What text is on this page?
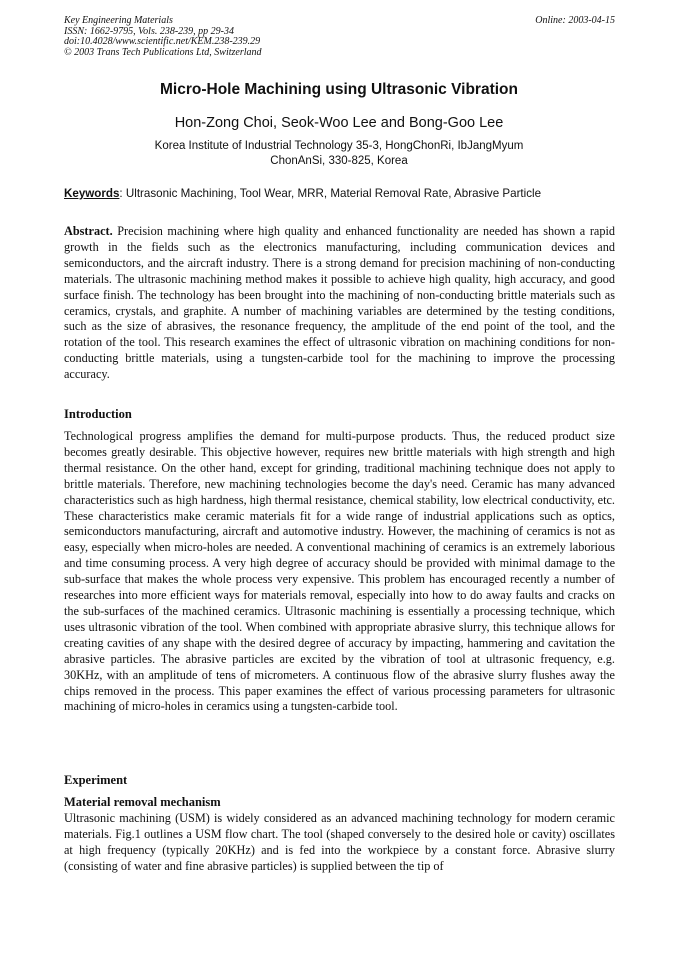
Key Engineering Materials
ISSN: 1662-9795, Vols. 238-239, pp 29-34
doi:10.4028/www.scientific.net/KEM.238-239.29
© 2003 Trans Tech Publications Ltd, Switzerland
Online: 2003-04-15
Micro-Hole Machining using Ultrasonic Vibration
Hon-Zong Choi, Seok-Woo Lee and Bong-Goo Lee
Korea Institute of Industrial Technology 35-3, HongChonRi, IbJangMyum
ChonAnSi, 330-825, Korea
Keywords: Ultrasonic Machining, Tool Wear, MRR, Material Removal Rate, Abrasive Particle
Abstract. Precision machining where high quality and enhanced functionality are needed has shown a rapid growth in the fields such as the electronics manufacturing, including communication devices and semiconductors, and the aircraft industry. There is a strong demand for precision machining of non-conducting materials. The ultrasonic machining method makes it possible to achieve high quality, high accuracy, and good surface finish. The technology has been brought into the machining of non-conducting brittle materials such as ceramics, crystals, and graphite. A number of machining variables are determined by the testing conditions, such as the size of abrasives, the resonance frequency, the amplitude of the end point of the tool, and the rotation of the tool. This research examines the effect of ultrasonic vibration on machining conditions for non-conducting brittle materials, using a tungsten-carbide tool for the machining to improve the processing accuracy.
Introduction
Technological progress amplifies the demand for multi-purpose products. Thus, the reduced product size becomes greatly desirable. This objective however, requires new brittle materials with high strength and high thermal resistance. On the other hand, except for grinding, traditional machining technique does not apply to brittle materials. Therefore, new machining technologies become the day's need. Ceramic has many advanced characteristics such as high hardness, high thermal resistance, chemical stability, low electrical conductivity, etc. These characteristics make ceramic materials fit for a wide range of industrial applications such as optics, semiconductors manufacturing, aircraft and automotive industry. However, the machining of ceramics is not as easy, especially when micro-holes are needed. A conventional machining of ceramics is an extremely laborious and time consuming process. A very high degree of accuracy should be provided with minimal damage to the sub-surface that makes the whole process very expensive. This problem has encouraged recently a number of researches into more efficient ways for materials removal, especially into how to do away faults and cracks on the sub-surfaces of the machined ceramics. Ultrasonic machining is essentially a processing technique, which uses ultrasonic vibration of the tool. When combined with appropriate abrasive slurry, this technique allows for creating cavities of any shape with the desired degree of accuracy by impacting, hammering and cavitation the abrasive particles. The abrasive particles are excited by the vibration of tool at ultrasonic frequency, e.g. 30KHz, with an amplitude of tens of micrometers. A continuous flow of the abrasive slurry flushes away the chips removed in the process. This paper examines the effect of various processing parameters for ultrasonic machining of micro-holes in ceramics using a tungsten-carbide tool.
Experiment
Material removal mechanism
Ultrasonic machining (USM) is widely considered as an advanced machining technology for modern ceramic materials. Fig.1 outlines a USM flow chart. The tool (shaped conversely to the desired hole or cavity) oscillates at high frequency (typically 20KHz) and is fed into the workpiece by a constant force. Abrasive slurry (consisting of water and fine abrasive particles) is supplied between the tip of
